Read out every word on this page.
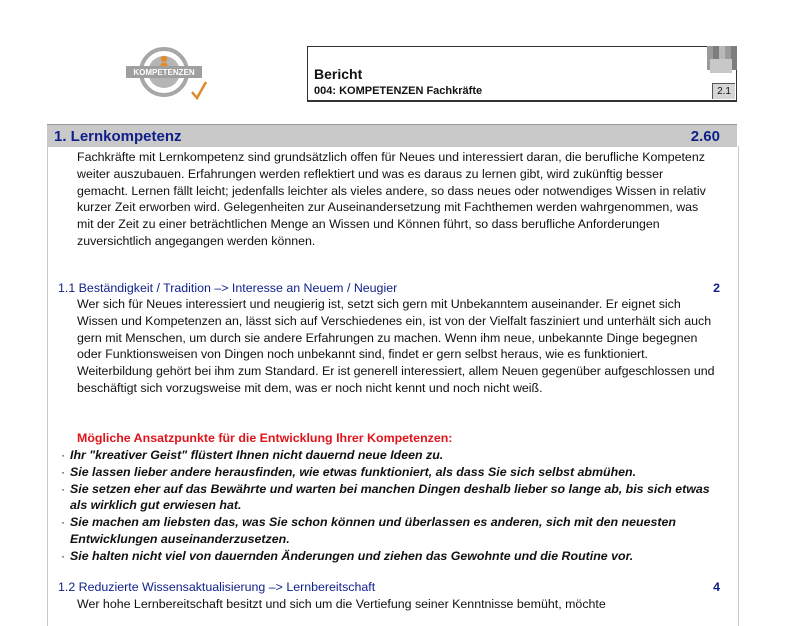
KOMPETENZEN	Bericht
004: KOMPETENZEN Fachkräfte	2.1
1. Lernkompetenz	2.60
Fachkräfte mit Lernkompetenz sind grundsätzlich offen für Neues und interessiert daran, die berufliche Kompetenz weiter auszubauen. Erfahrungen werden reflektiert und was es daraus zu lernen gibt, wird zukünftig besser gemacht. Lernen fällt leicht; jedenfalls leichter als vieles andere, so dass neues oder notwendiges Wissen in relativ kurzer Zeit erworben wird. Gelegenheiten zur Auseinandersetzung mit Fachthemen werden wahrgenommen, was mit der Zeit zu einer beträchtlichen Menge an Wissen und Können führt, so dass berufliche Anforderungen zuversichtlich angegangen werden können.
1.1 Beständigkeit / Tradition –> Interesse an Neuem / Neugier	2
Wer sich für Neues interessiert und neugierig ist, setzt sich gern mit Unbekanntem auseinander. Er eignet sich Wissen und Kompetenzen an, lässt sich auf Verschiedenes ein, ist von der Vielfalt fasziniert und unterhält sich auch gern mit Menschen, um durch sie andere Erfahrungen zu machen. Wenn ihm neue, unbekannte Dinge begegnen oder Funktionsweisen von Dingen noch unbekannt sind, findet er gern selbst heraus, wie es funktioniert. Weiterbildung gehört bei ihm zum Standard. Er ist generell interessiert, allem Neuen gegenüber aufgeschlossen und beschäftigt sich vorzugsweise mit dem, was er noch nicht kennt und noch nicht weiß.
Mögliche Ansatzpunkte für die Entwicklung Ihrer Kompetenzen:
· Ihr "kreativer Geist" flüstert Ihnen nicht dauernd neue Ideen zu.
· Sie lassen lieber andere herausfinden, wie etwas funktioniert, als dass Sie sich selbst abmühen.
· Sie setzen eher auf das Bewährte und warten bei manchen Dingen deshalb lieber so lange ab, bis sich etwas als wirklich gut erwiesen hat.
· Sie machen am liebsten das, was Sie schon können und überlassen es anderen, sich mit den neuesten Entwicklungen auseinanderzusetzen.
· Sie halten nicht viel von dauernden Änderungen und ziehen das Gewohnte und die Routine vor.
1.2 Reduzierte Wissensaktualisierung –> Lernbereitschaft	4
Wer hohe Lernbereitschaft besitzt und sich um die Vertiefung seiner Kenntnisse bemüht, möchte
